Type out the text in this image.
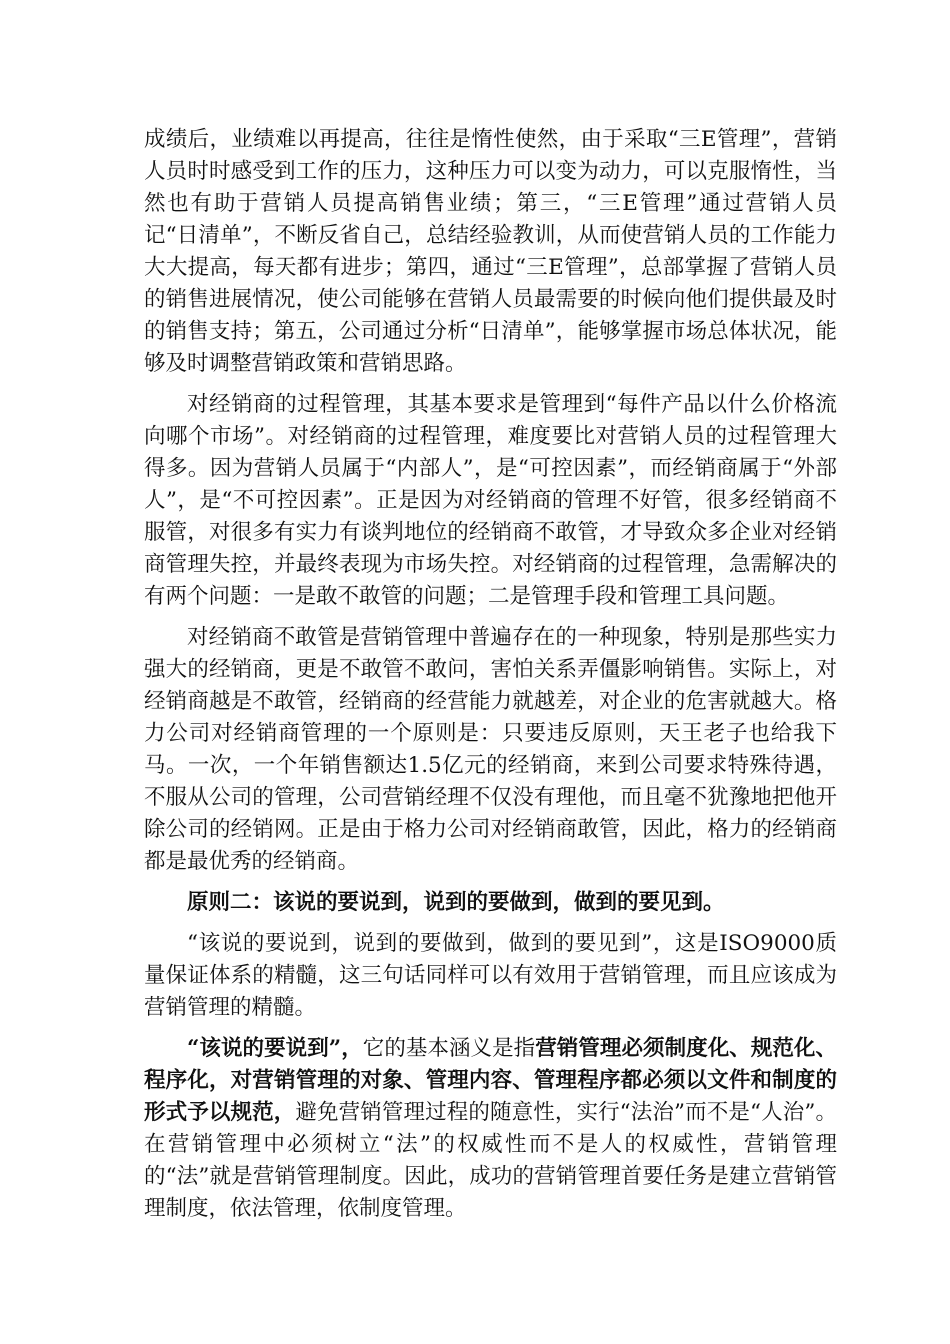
成绩后，业绩难以再提高，往往是惰性使然，由于采取“三E管理”，营销人员时时感受到工作的压力，这种压力可以变为动力，可以克服惰性，当然也有助于营销人员提高销售业绩；第三，“三E管理”通过营销人员记“日清单”，不断反省自己，总结经验教训，从而使营销人员的工作能力大大提高，每天都有进步；第四，通过“三E管理”，总部掌握了营销人员的销售进展情况，使公司能够在营销人员最需要的时候向他们提供最及时的销售支持；第五，公司通过分析“日清单”，能够掌握市场总体状况，能够及时调整营销政策和营销思路。

对经销商的过程管理，其基本要求是管理到“每件产品以什么价格流向哪个市场”。对经销商的过程管理，难度要比对营销人员的过程管理大得多。因为营销人员属于“内部人”，是“可控因素”，而经销商属于“外部人”，是“不可控因素”。正是因为对经销商的管理不好管，很多经销商不服管，对很多有实力有谈判地位的经销商不敢管，才导致众多企业对经销商管理失控，并最终表现为市场失控。对经销商的过程管理，急需解决的有两个问题：一是敢不敢管的问题；二是管理手段和管理工具问题。

对经销商不敢管是营销管理中普遍存在的一种现象，特别是那些实力强大的经销商，更是不敢管不敢问，害怕关系弄僵影响销售。实际上，对经销商越是不敢管，经销商的经营能力就越差，对企业的危害就越大。格力公司对经销商管理的一个原则是：只要违反原则，天王老子也给我下马。一次，一个年销售额达1.5亿元的经销商，来到公司要求特殊待遇，不服从公司的管理，公司营销经理不仅没有理他，而且毫不犹豫地把他开除公司的经销网。正是由于格力公司对经销商敢管，因此，格力的经销商都是最优秀的经销商。

原则二：该说的要说到，说到的要做到，做到的要见到。

“该说的要说到，说到的要做到，做到的要见到”，这是ISO9000质量保证体系的精髓，这三句话同样可以有效用于营销管理，而且应该成为营销管理的精髓。

“该说的要说到”，它的基本涵义是指营销管理必须制度化、规范化、程序化，对营销管理的对象、管理内容、管理程序都必须以文件和制度的形式予以规范，避免营销管理过程的随意性，实行“法治”而不是“人治”。在营销管理中必须树立“法”的权威性而不是人的权威性，营销管理的“法”就是营销管理制度。因此，成功的营销管理首要任务是建立营销管理制度，依法管理，依制度管理。
